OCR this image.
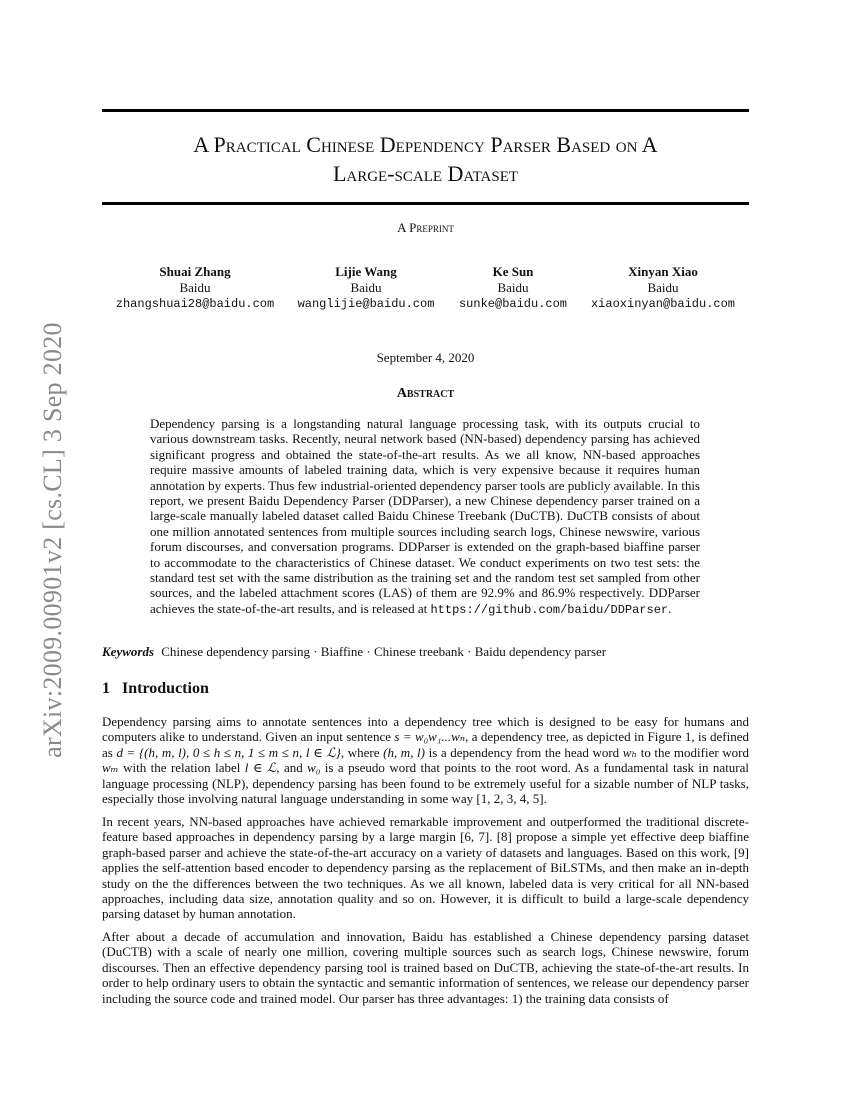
arXiv:2009.00901v2 [cs.CL] 3 Sep 2020
A Practical Chinese Dependency Parser Based on A
Large-scale Dataset
A Preprint
Shuai Zhang
Baidu
zhangshuai28@baidu.com
Lijie Wang
Baidu
wanglijie@baidu.com
Ke Sun
Baidu
sunke@baidu.com
Xinyan Xiao
Baidu
xiaoxinyan@baidu.com
September 4, 2020
Abstract

Dependency parsing is a longstanding natural language processing task, with its outputs crucial to various downstream tasks. Recently, neural network based (NN-based) dependency parsing has achieved significant progress and obtained the state-of-the-art results. As we all know, NN-based approaches require massive amounts of labeled training data, which is very expensive because it requires human annotation by experts. Thus few industrial-oriented dependency parser tools are publicly available. In this report, we present Baidu Dependency Parser (DDParser), a new Chinese dependency parser trained on a large-scale manually labeled dataset called Baidu Chinese Treebank (DuCTB). DuCTB consists of about one million annotated sentences from multiple sources including search logs, Chinese newswire, various forum discourses, and conversation programs. DDParser is extended on the graph-based biaffine parser to accommodate to the characteristics of Chinese dataset. We conduct experiments on two test sets: the standard test set with the same distribution as the training set and the random test set sampled from other sources, and the labeled attachment scores (LAS) of them are 92.9% and 86.9% respectively. DDParser achieves the state-of-the-art results, and is released at https://github.com/baidu/DDParser.

Keywords Chinese dependency parsing · Biaffine · Chinese treebank · Baidu dependency parser
1 Introduction

Dependency parsing aims to annotate sentences into a dependency tree which is designed to be easy for humans and computers alike to understand. Given an input sentence s = w₀w₁...wₙ, a dependency tree, as depicted in Figure 1, is defined as d = {(h, m, l), 0 ≤ h ≤ n, 1 ≤ m ≤ n, l ∈ ℒ}, where (h, m, l) is a dependency from the head word wₕ to the modifier word wₘ with the relation label l ∈ ℒ, and w₀ is a pseudo word that points to the root word. As a fundamental task in natural language processing (NLP), dependency parsing has been found to be extremely useful for a sizable number of NLP tasks, especially those involving natural language understanding in some way [1, 2, 3, 4, 5].

In recent years, NN-based approaches have achieved remarkable improvement and outperformed the traditional discrete-feature based approaches in dependency parsing by a large margin [6, 7]. [8] propose a simple yet effective deep biaffine graph-based parser and achieve the state-of-the-art accuracy on a variety of datasets and languages. Based on this work, [9] applies the self-attention based encoder to dependency parsing as the replacement of BiLSTMs, and then make an in-depth study on the the differences between the two techniques. As we all known, labeled data is very critical for all NN-based approaches, including data size, annotation quality and so on. However, it is difficult to build a large-scale dependency parsing dataset by human annotation.

After about a decade of accumulation and innovation, Baidu has established a Chinese dependency parsing dataset (DuCTB) with a scale of nearly one million, covering multiple sources such as search logs, Chinese newswire, forum discourses. Then an effective dependency parsing tool is trained based on DuCTB, achieving the state-of-the-art results. In order to help ordinary users to obtain the syntactic and semantic information of sentences, we release our dependency parser including the source code and trained model. Our parser has three advantages: 1) the training data consists of
